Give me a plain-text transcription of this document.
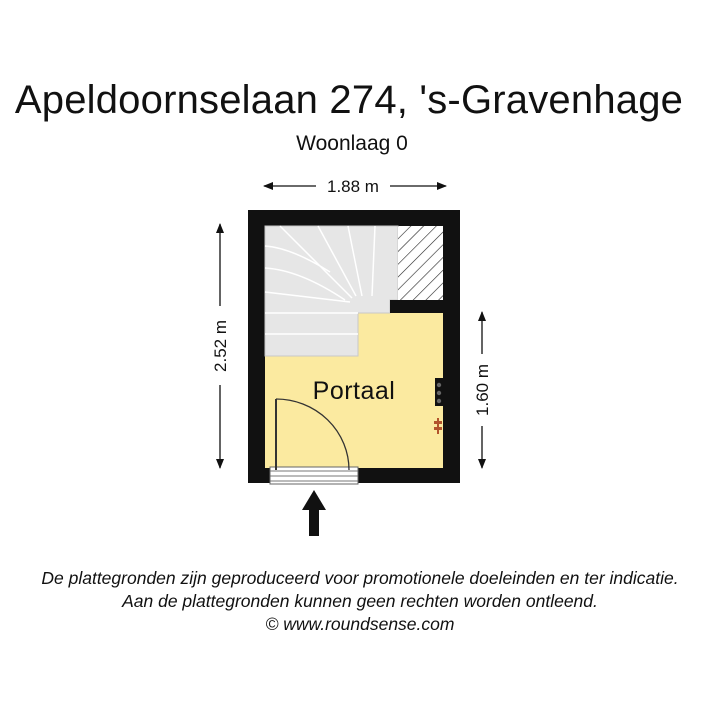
Apeldoornselaan 274, 's-Gravenhage
Woonlaag 0
Portaal
1.88 m
2.52 m
1.60 m
De plattegronden zijn geproduceerd voor promotionele doeleinden en ter indicatie.
Aan de plattegronden kunnen geen rechten worden ontleend.
© www.roundsense.com
